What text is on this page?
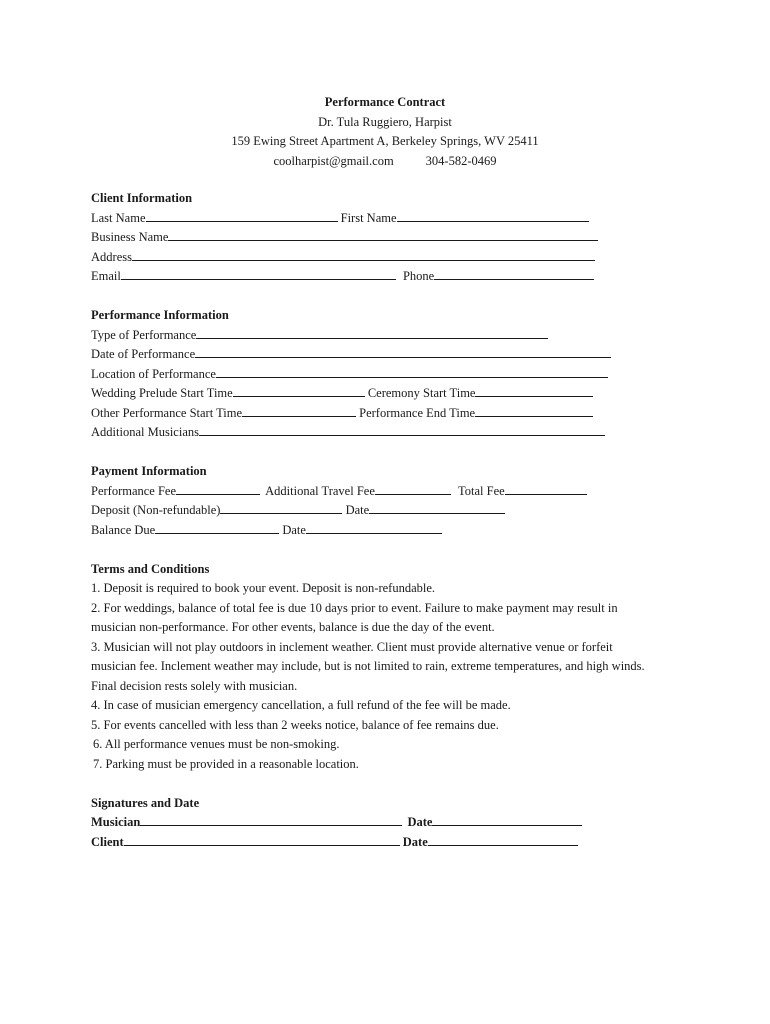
Performance Contract
Dr. Tula Ruggiero, Harpist
159 Ewing Street Apartment A, Berkeley Springs, WV 25411
coolharpist@gmail.com	304-582-0469
Client Information
Last Name	First Name
Business Name
Address
Email	Phone
Performance Information
Type of Performance
Date of Performance
Location of Performance
Wedding Prelude Start Time	Ceremony Start Time
Other Performance Start Time	Performance End Time
Additional Musicians
Payment Information
Performance Fee	Additional Travel Fee	Total Fee
Deposit (Non-refundable)	Date
Balance Due	Date
Terms and Conditions
1. Deposit is required to book your event. Deposit is non-refundable.
2. For weddings, balance of total fee is due 10 days prior to event. Failure to make payment may result in
musician non-performance. For other events, balance is due the day of the event.
3. Musician will not play outdoors in inclement weather. Client must provide alternative venue or forfeit
musician fee. Inclement weather may include, but is not limited to rain, extreme temperatures, and high winds.
Final decision rests solely with musician.
4. In case of musician emergency cancellation, a full refund of the fee will be made.
5. For events cancelled with less than 2 weeks notice, balance of fee remains due.
6. All performance venues must be non-smoking.
7. Parking must be provided in a reasonable location.
Signatures and Date
Musician	Date
Client	Date
